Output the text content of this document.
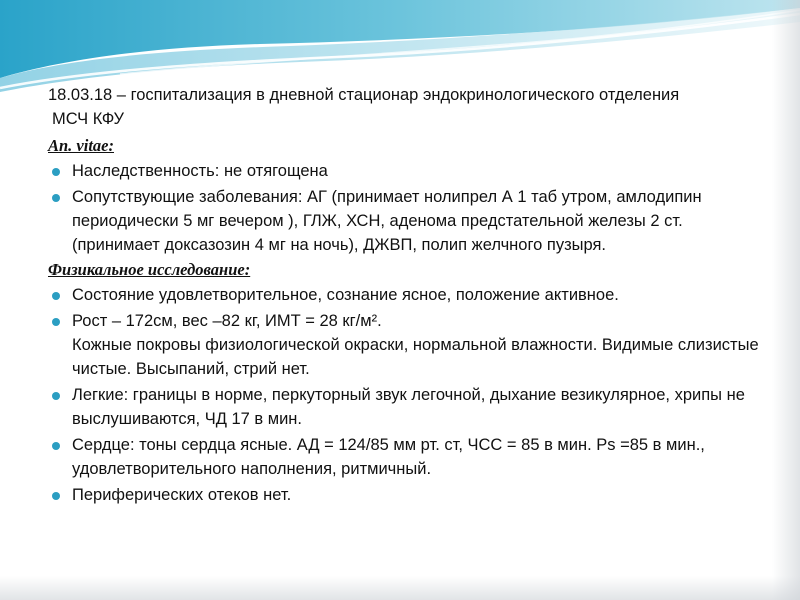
18.03.18 – госпитализация в дневной стационар эндокринологического отделения
МСЧ КФУ
An. vitae:

Наследственность: не отягощена

Сопутствующие заболевания: АГ (принимает нолипрел А 1 таб утром, амлодипин периодически 5 мг вечером ), ГЛЖ, ХСН, аденома предстательной железы 2 ст. (принимает доксазозин 4 мг на ночь), ДЖВП, полип желчного пузыря.

Физикальное исследование:

Состояние удовлетворительное, сознание ясное, положение активное.

Рост – 172см, вес –82 кг, ИМТ = 28 кг/м².

Кожные покровы физиологической окраски, нормальной влажности. Видимые слизистые чистые. Высыпаний, стрий нет.

Легкие: границы в норме, перкуторный звук легочной, дыхание везикулярное, хрипы не выслушиваются, ЧД 17 в мин.

Сердце: тоны сердца ясные. АД = 124/85 мм рт. ст, ЧСС = 85 в мин. Ps =85 в мин., удовлетворительного наполнения, ритмичный.

Периферических отеков нет.
